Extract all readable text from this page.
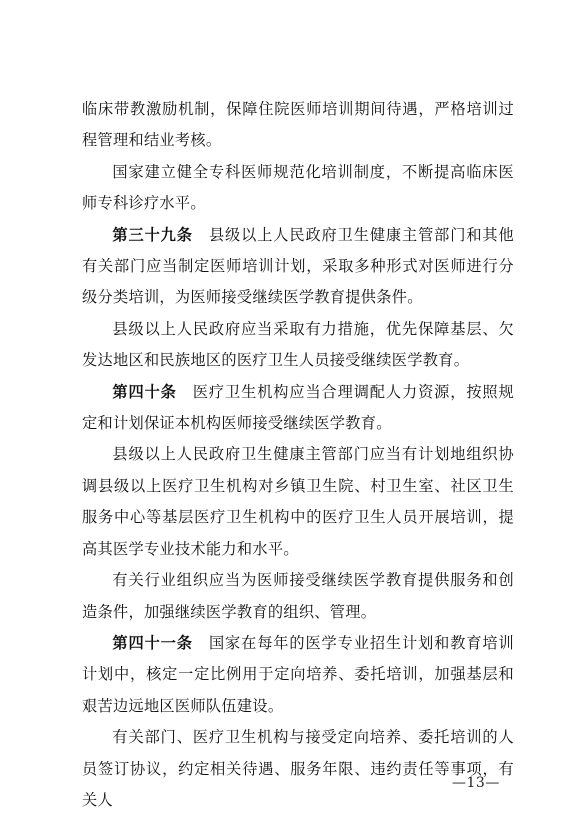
临床带教激励机制，保障住院医师培训期间待遇，严格培训过程管理和结业考核。

国家建立健全专科医师规范化培训制度，不断提高临床医师专科诊疗水平。

第三十九条　 县级以上人民政府卫生健康主管部门和其他有关部门应当制定医师培训计划，采取多种形式对医师进行分级分类培训，为医师接受继续医学教育提供条件。

县级以上人民政府应当采取有力措施，优先保障基层、欠发达地区和民族地区的医疗卫生人员接受继续医学教育。

第四十条　 医疗卫生机构应当合理调配人力资源，按照规定和计划保证本机构医师接受继续医学教育。

县级以上人民政府卫生健康主管部门应当有计划地组织协调县级以上医疗卫生机构对乡镇卫生院、村卫生室、社区卫生服务中心等基层医疗卫生机构中的医疗卫生人员开展培训，提高其医学专业技术能力和水平。

有关行业组织应当为医师接受继续医学教育提供服务和创造条件，加强继续医学教育的组织、管理。

第四十一条　 国家在每年的医学专业招生计划和教育培训计划中，核定一定比例用于定向培养、委托培训，加强基层和艰苦边远地区医师队伍建设。

有关部门、医疗卫生机构与接受定向培养、委托培训的人员签订协议，约定相关待遇、服务年限、违约责任等事项，有关人

—13—
